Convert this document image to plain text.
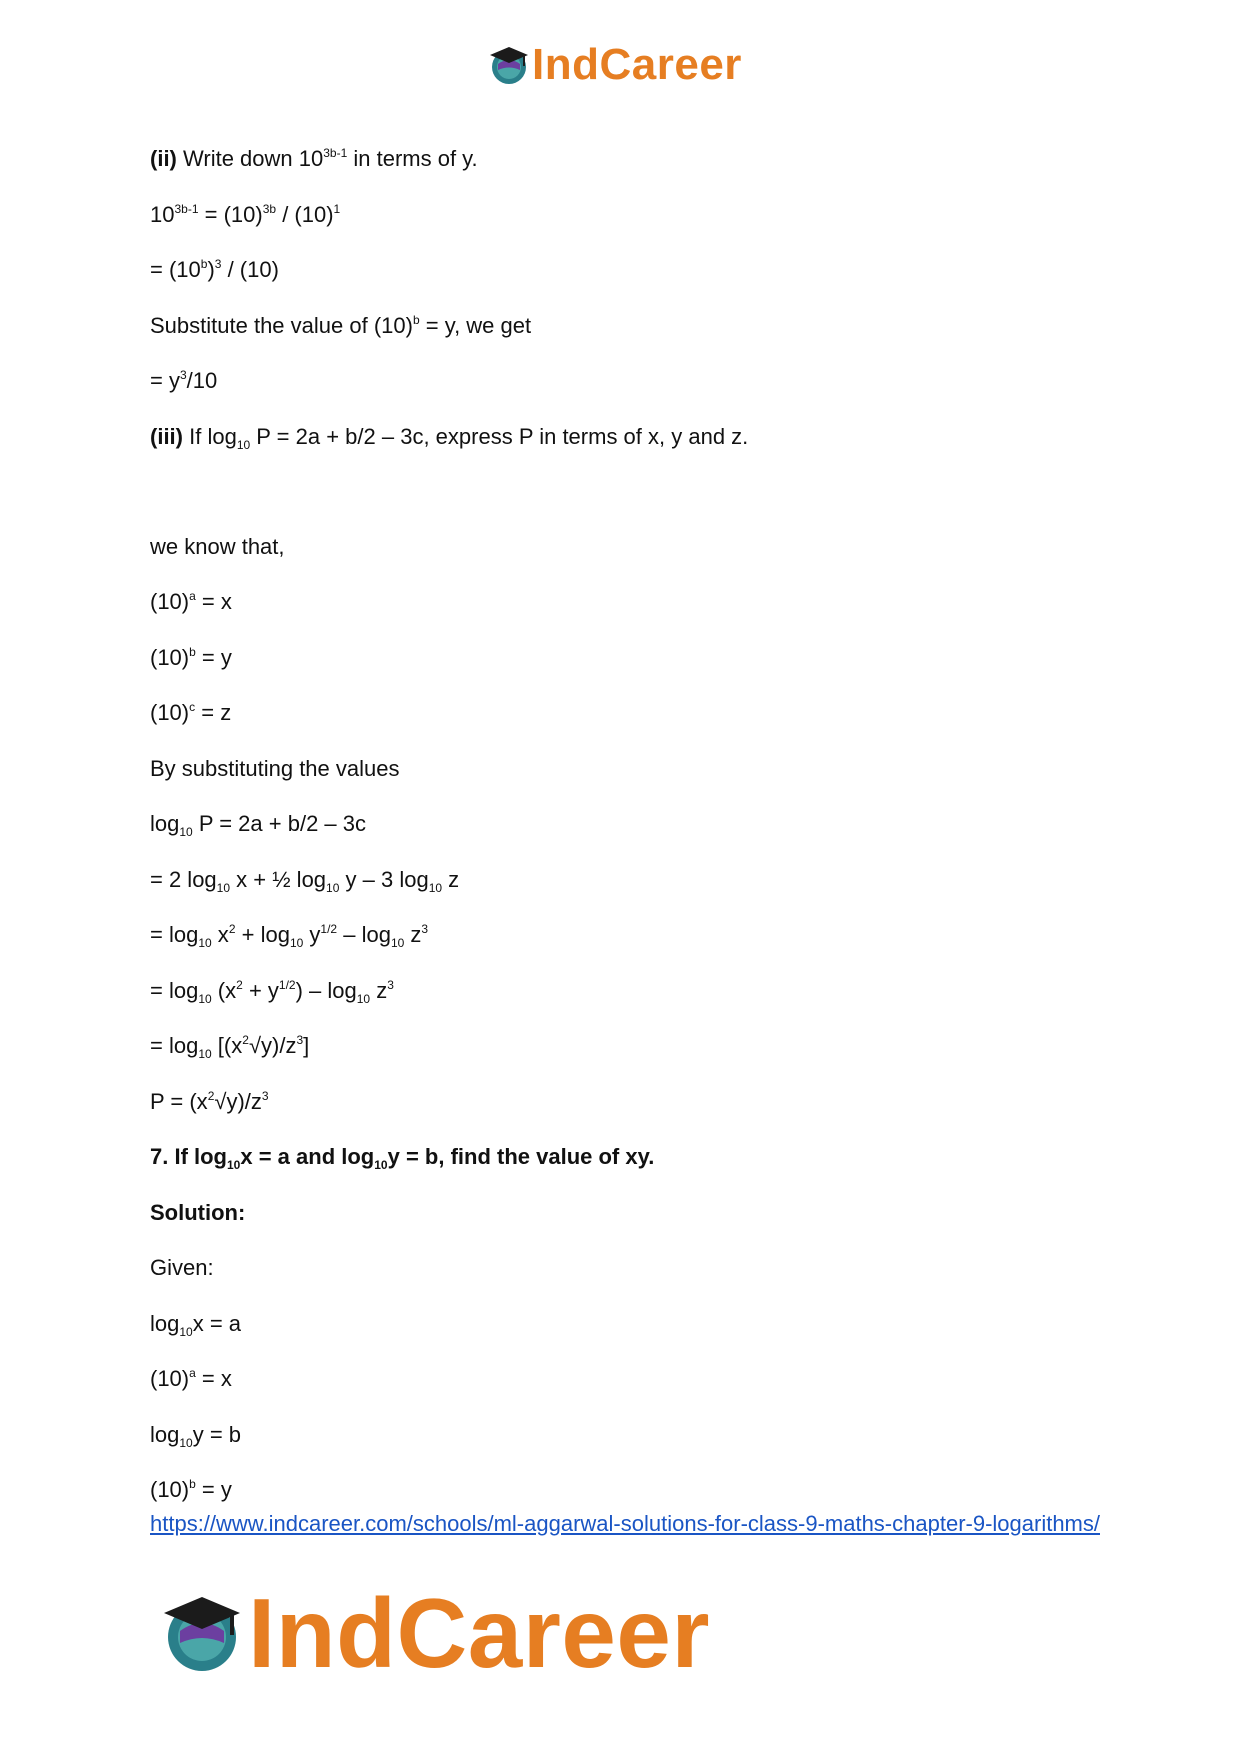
IndCareer
(ii) Write down $10^{3b-1}$ in terms of y.
$10^{3b-1} = (10)^{3b} / (10)^1$
= $(10^b)^3 / (10)$
Substitute the value of $(10)^b = y$, we get
= $y^3/10$
(iii) If $\log_{10} P = 2a + b/2 - 3c$, express P in terms of x, y and z.
we know that,
$(10)^a = x$
$(10)^b = y$
$(10)^c = z$
By substituting the values
$\log_{10} P = 2a + b/2 - 3c$
= 2 $\log_{10} x$ + ½ $\log_{10} y - 3$ $\log_{10} z$
= $\log_{10} x^2 + \log_{10} y^{1/2} - \log_{10} z^3$
= $\log_{10} (x^2 + y^{1/2}) - \log_{10} z^3$
= $\log_{10} [(x^2√y)/z^3]$
$P = (x^2√y)/z^3$
7. If $\log_{10}x = a$ and $\log_{10}y = b$, find the value of xy.
Solution:
Given:
$\log_{10}x = a$
$(10)^a = x$
$\log_{10}y = b$
$(10)^b = y$
https://www.indcareer.com/schools/ml-aggarwal-solutions-for-class-9-maths-chapter-9-logarithms/
IndCareer
